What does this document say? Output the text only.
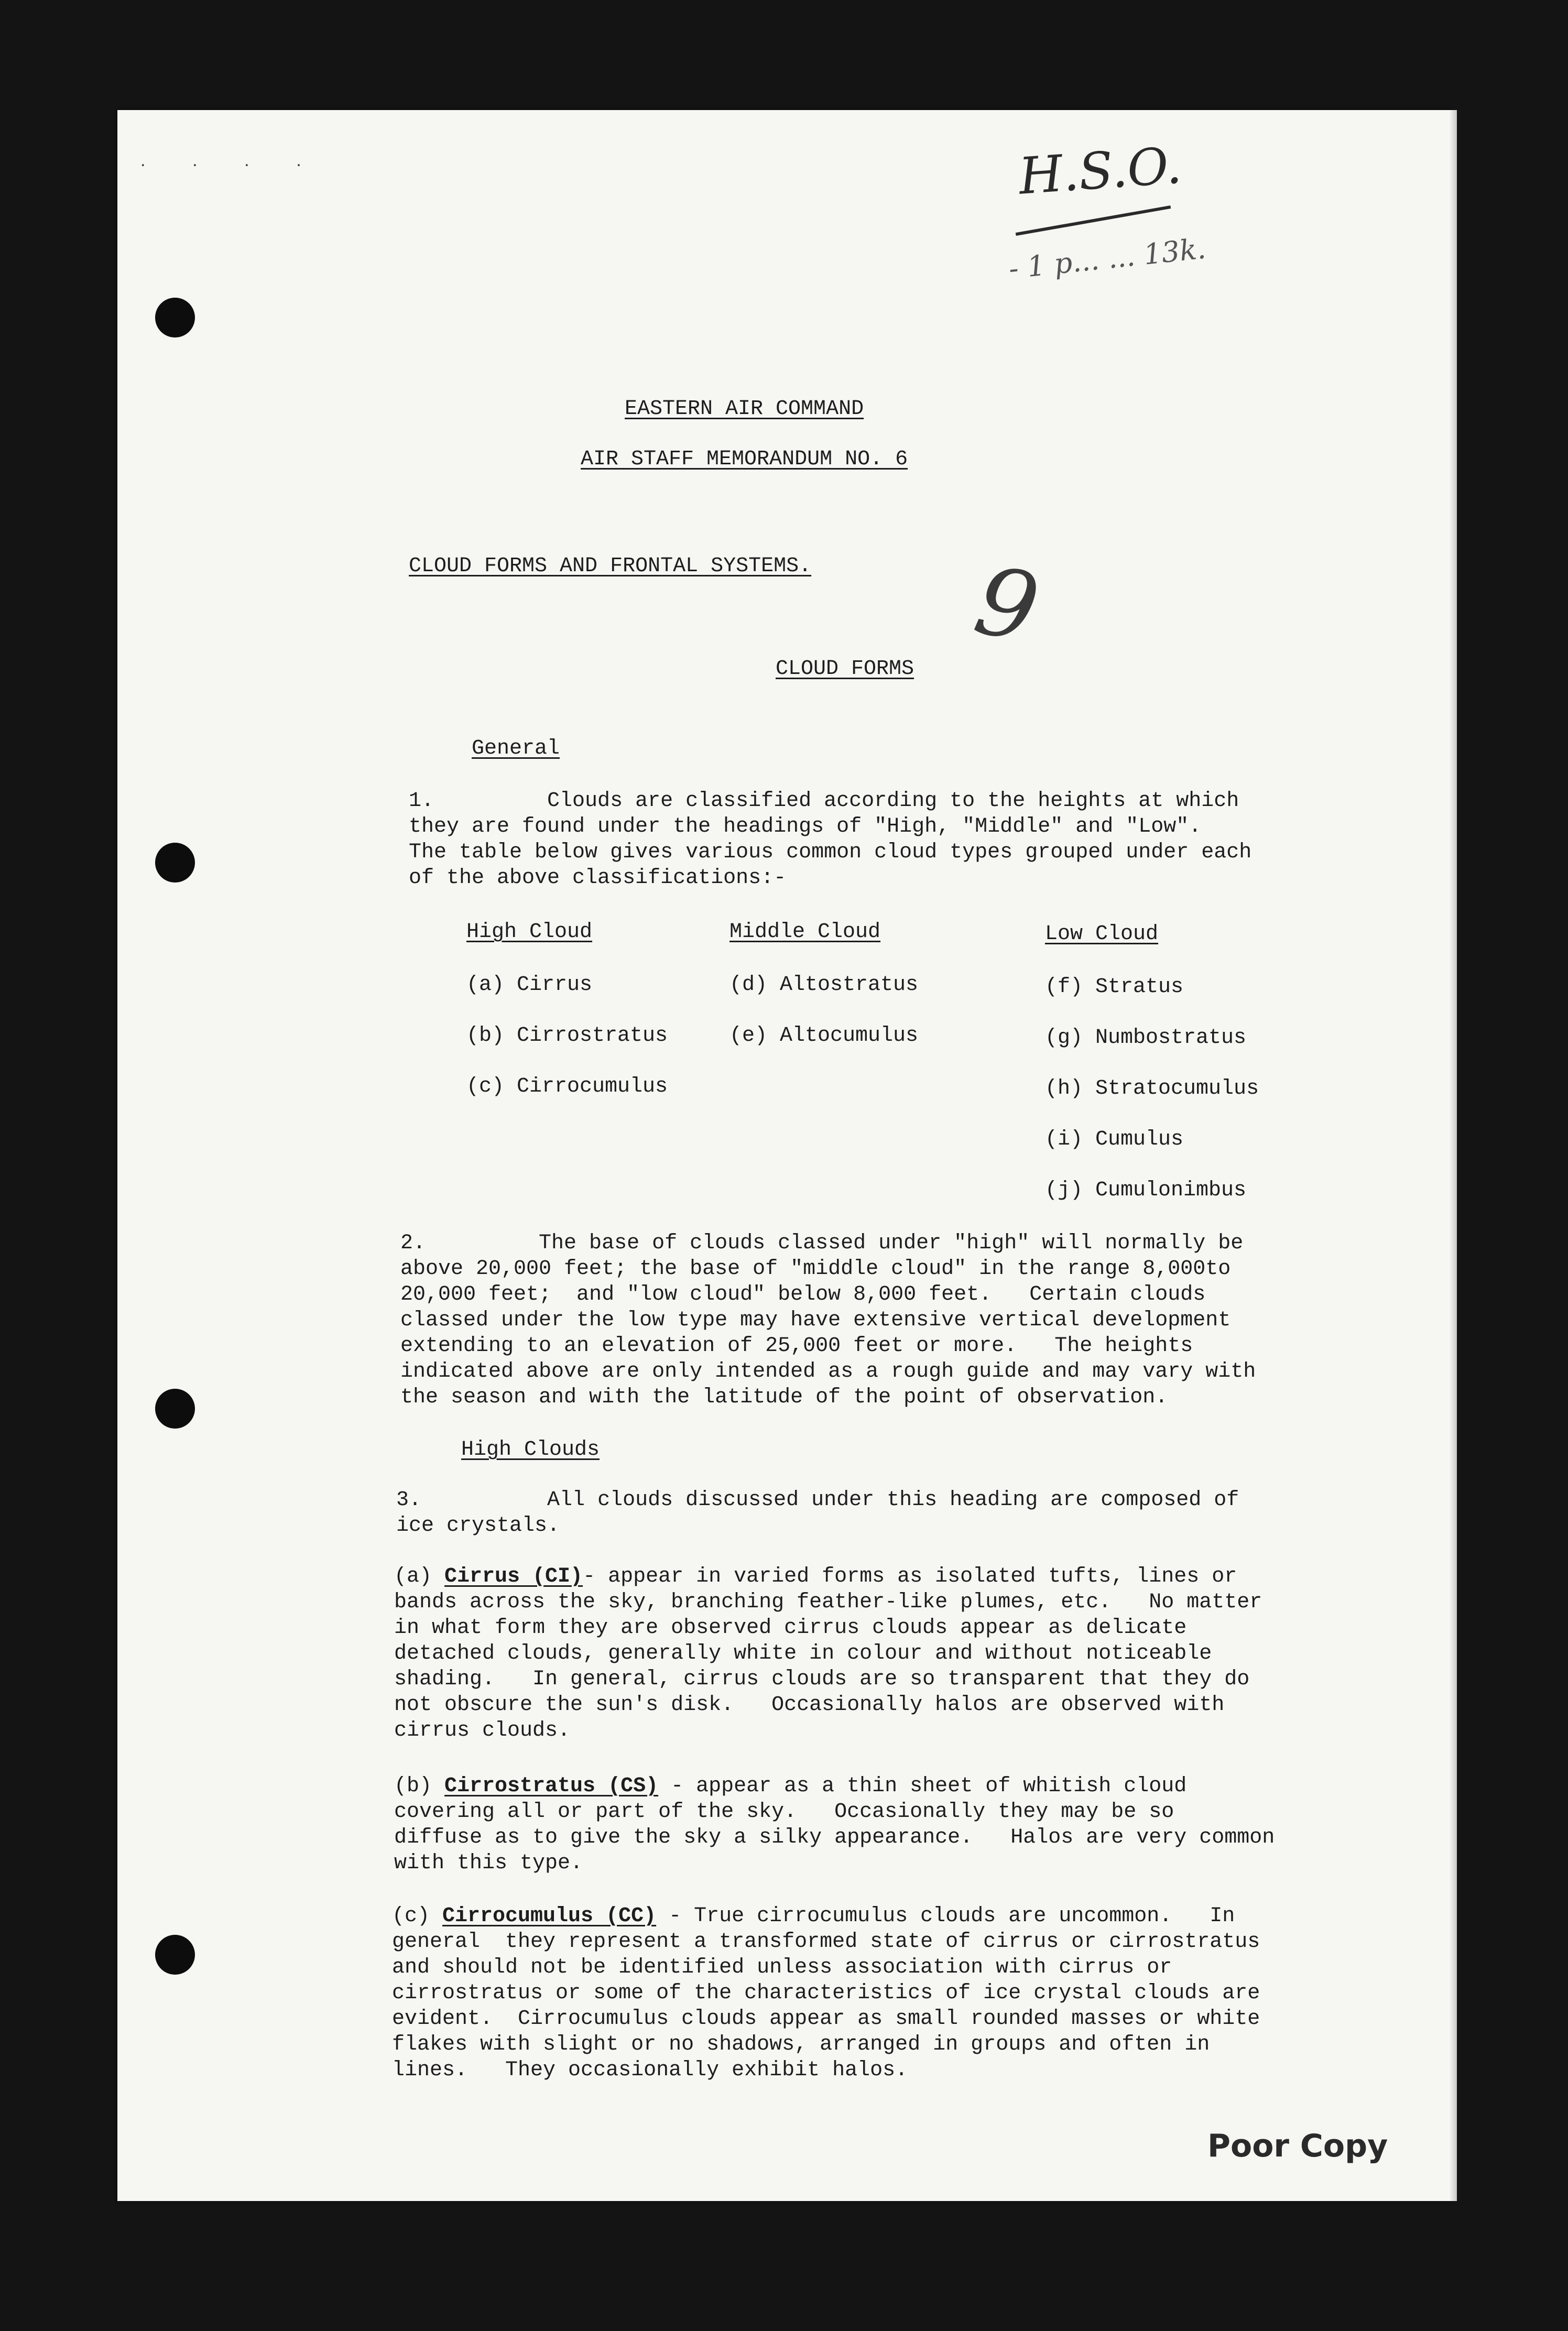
. . . .	H.S.O.
- 1 p... ... 13k.
9
Poor Copy
EASTERN AIR COMMAND
AIR STAFF MEMORANDUM NO. 6
CLOUD FORMS AND FRONTAL SYSTEMS.
CLOUD FORMS
General
1.         Clouds are classified according to the heights at which
they are found under the headings of "High, "Middle" and "Low".
The table below gives various common cloud types grouped under each
of the above classifications:-
High Cloud
(a) Cirrus
(b) Cirrostratus
(c) Cirrocumulus
Middle Cloud
(d) Altostratus
(e) Altocumulus
Low Cloud
(f) Stratus
(g) Numbostratus
(h) Stratocumulus
(i) Cumulus
(j) Cumulonimbus
2.         The base of clouds classed under "high" will normally be
above 20,000 feet; the base of "middle cloud" in the range 8,000to
20,000 feet;  and "low cloud" below 8,000 feet.   Certain clouds
classed under the low type may have extensive vertical development
extending to an elevation of 25,000 feet or more.   The heights
indicated above are only intended as a rough guide and may vary with
the season and with the latitude of the point of observation.
High Clouds
3.          All clouds discussed under this heading are composed of
ice crystals.
(a) Cirrus (CI)- appear in varied forms as isolated tufts, lines or
bands across the sky, branching feather-like plumes, etc.   No matter
in what form they are observed cirrus clouds appear as delicate
detached clouds, generally white in colour and without noticeable
shading.   In general, cirrus clouds are so transparent that they do
not obscure the sun's disk.   Occasionally halos are observed with
cirrus clouds.
(b) Cirrostratus (CS) - appear as a thin sheet of whitish cloud
covering all or part of the sky.   Occasionally they may be so
diffuse as to give the sky a silky appearance.   Halos are very common
with this type.
(c) Cirrocumulus (CC) - True cirrocumulus clouds are uncommon.   In
general  they represent a transformed state of cirrus or cirrostratus
and should not be identified unless association with cirrus or
cirrostratus or some of the characteristics of ice crystal clouds are
evident.  Cirrocumulus clouds appear as small rounded masses or white
flakes with slight or no shadows, arranged in groups and often in
lines.   They occasionally exhibit halos.
